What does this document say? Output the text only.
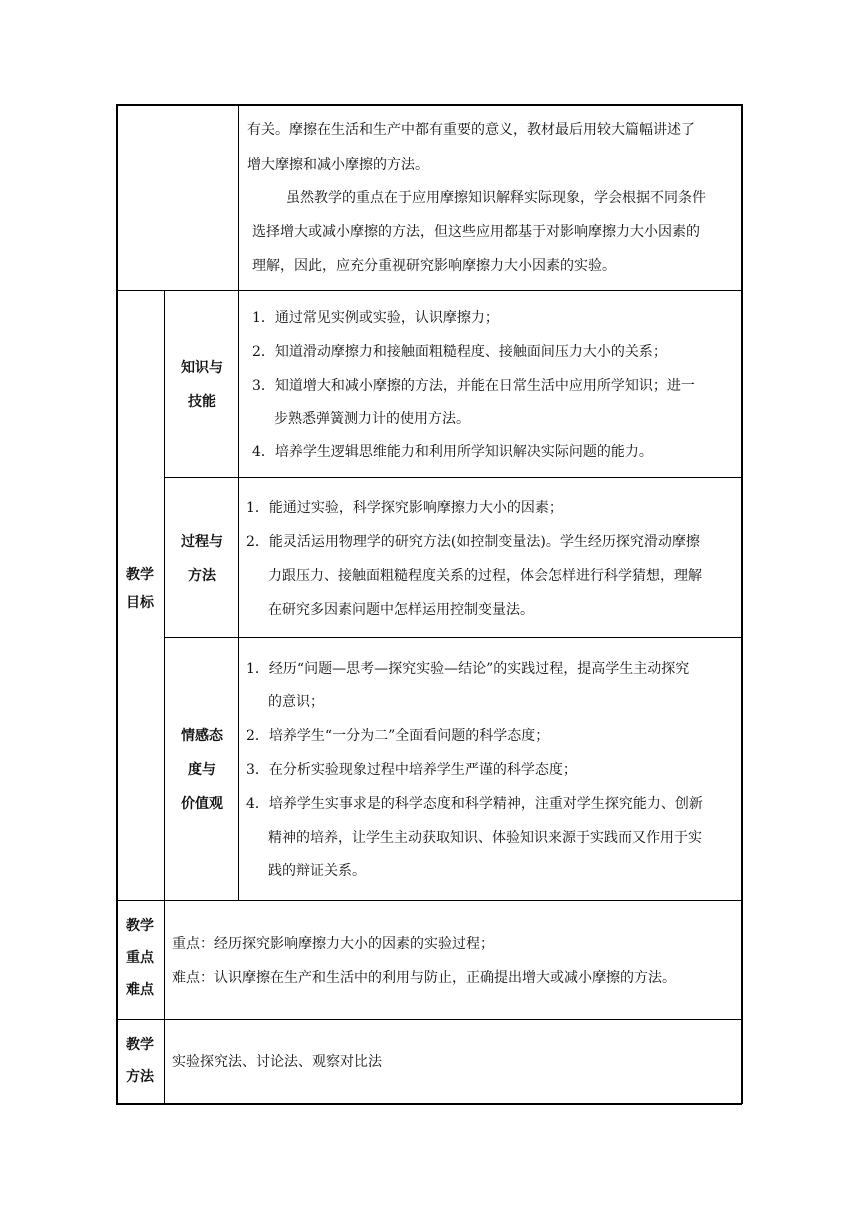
有关。摩擦在生活和生产中都有重要的意义，教材最后用较大篇幅讲述了
增大摩擦和减小摩擦的方法。
虽然教学的重点在于应用摩擦知识解释实际现象，学会根据不同条件
选择增大或减小摩擦的方法，但这些应用都基于对影响摩擦力大小因素的
理解，因此，应充分重视研究影响摩擦力大小因素的实验。
教学
目标
知识与
技能
1．通过常见实例或实验，认识摩擦力；
2．知道滑动摩擦力和接触面粗糙程度、接触面间压力大小的关系；
3．知道增大和减小摩擦的方法，并能在日常生活中应用所学知识；进一
步熟悉弹簧测力计的使用方法。
4．培养学生逻辑思维能力和利用所学知识解决实际问题的能力。
过程与
方法
1．能通过实验，科学探究影响摩擦力大小的因素；
2．能灵活运用物理学的研究方法(如控制变量法)。学生经历探究滑动摩擦
力跟压力、接触面粗糙程度关系的过程，体会怎样进行科学猜想，理解
在研究多因素问题中怎样运用控制变量法。
情感态
度与
价值观
1．经历“问题—思考—探究实验—结论”的实践过程，提高学生主动探究
的意识；
2．培养学生“一分为二”全面看问题的科学态度；
3．在分析实验现象过程中培养学生严谨的科学态度；
4．培养学生实事求是的科学态度和科学精神，注重对学生探究能力、创新
精神的培养，让学生主动获取知识、体验知识来源于实践而又作用于实
践的辩证关系。
教学
重点
难点
重点：经历探究影响摩擦力大小的因素的实验过程；
难点：认识摩擦在生产和生活中的利用与防止，正确提出增大或减小摩擦的方法。
教学
方法
实验探究法、讨论法、观察对比法
